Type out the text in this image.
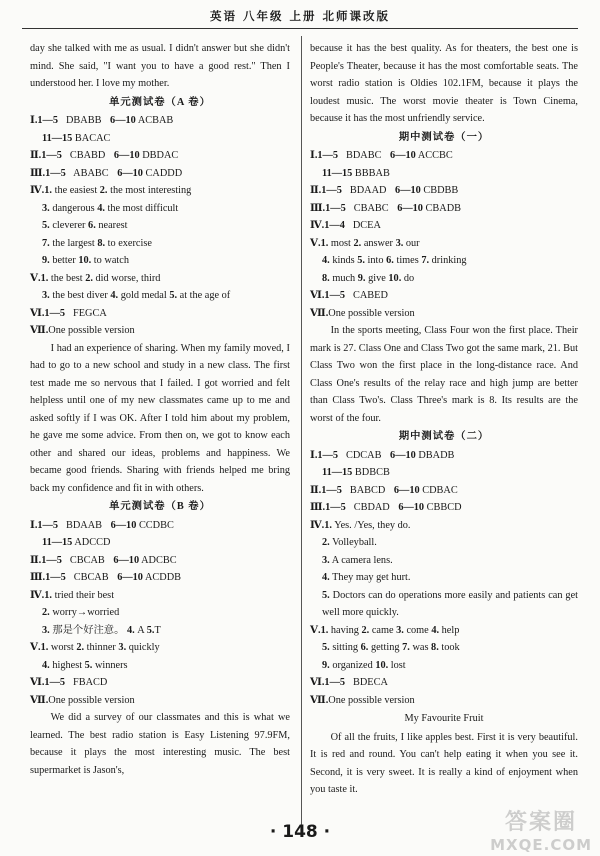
英语 八年级 上册 北师课改版

day she talked with me as usual. I didn't answer but she didn't mind. She said, "I want you to have a good rest." Then I understood her. I love my mother.

单元测试卷（A 卷）
Ⅰ.1—5 DBABB 6—10 ACBAB
11—15 BACAC
Ⅱ.1—5 CBABD 6—10 DBDAC
Ⅲ.1—5 ABABC 6—10 CADDD
Ⅳ.1. the easiest 2. the most interesting
3. dangerous 4. the most difficult
5. cleverer 6. nearest
7. the largest 8. to exercise
9. better 10. to watch
Ⅴ.1. the best 2. did worse, third
3. the best diver 4. gold medal 5. at the age of
Ⅵ.1—5 FEGCA
Ⅶ.One possible version

I had an experience of sharing. When my family moved, I had to go to a new school and study in a new class. The first test made me so nervous that I failed. I got worried and felt helpless until one of my new classmates came up to me and asked softly if I was OK. After I told him about my problem, he gave me some advice. From then on, we got to know each other and shared our ideas, problems and happiness. We became good friends. Sharing with friends helped me bring back my confidence and fit in with others.

单元测试卷（B 卷）
Ⅰ.1—5 BDAAB 6—10 CCDBC
11—15 ADCCD
Ⅱ.1—5 CBCAB 6—10 ADCBC
Ⅲ.1—5 CBCAB 6—10 ACDDB
Ⅳ.1. tried their best
2. worry→worried
3. 那是个好注意。 4. A 5.T
Ⅴ.1. worst 2. thinner 3. quickly
4. highest 5. winners
Ⅵ.1—5 FBACD
Ⅶ.One possible version

We did a survey of our classmates and this is what we learned. The best radio station is Easy Listening 97.9FM, because it plays the most interesting music. The best supermarket is Jason's,

because it has the best quality. As for theaters, the best one is People's Theater, because it has the most comfortable seats. The worst radio station is Oldies 102.1FM, because it plays the loudest music. The worst movie theater is Town Cinema, because it has the most unfriendly service.

期中测试卷（一）
Ⅰ.1—5 BDABC 6—10 ACCBC
11—15 BBBAB
Ⅱ.1—5 BDAAD 6—10 CBDBB
Ⅲ.1—5 CBABC 6—10 CBADB
Ⅳ.1—4 DCEA
Ⅴ.1. most 2. answer 3. our
4. kinds 5. into 6. times 7. drinking
8. much 9. give 10. do
Ⅵ.1—5 CABED
Ⅶ.One possible version

In the sports meeting, Class Four won the first place. Their mark is 27. Class One and Class Two got the same mark, 21. But Class Two won the first place in the long-distance race. And Class One's results of the relay race and high jump are better than Class Two's. Class Three's mark is 8. Its results are the worst of the four.

期中测试卷（二）
Ⅰ.1—5 CDCAB 6—10 DBADB
11—15 BDBCB
Ⅱ.1—5 BABCD 6—10 CDBAC
Ⅲ.1—5 CBDAD 6—10 CBBCD
Ⅳ.1. Yes. /Yes, they do.
2. Volleyball.
3. A camera lens.
4. They may get hurt.

5. Doctors can do operations more easily and patients can get well more quickly.

Ⅴ.1. having 2. came 3. come 4. help
5. sitting 6. getting 7. was 8. took
9. organized 10. lost
Ⅵ.1—5 BDECA
Ⅶ.One possible version
My Favourite Fruit

Of all the fruits, I like apples best. First it is very beautiful. It is red and round. You can't help eating it when you see it. Second, it is very sweet. It is really a kind of enjoyment when you taste it.

· 148 ·	答案圈
MXQE.COM
